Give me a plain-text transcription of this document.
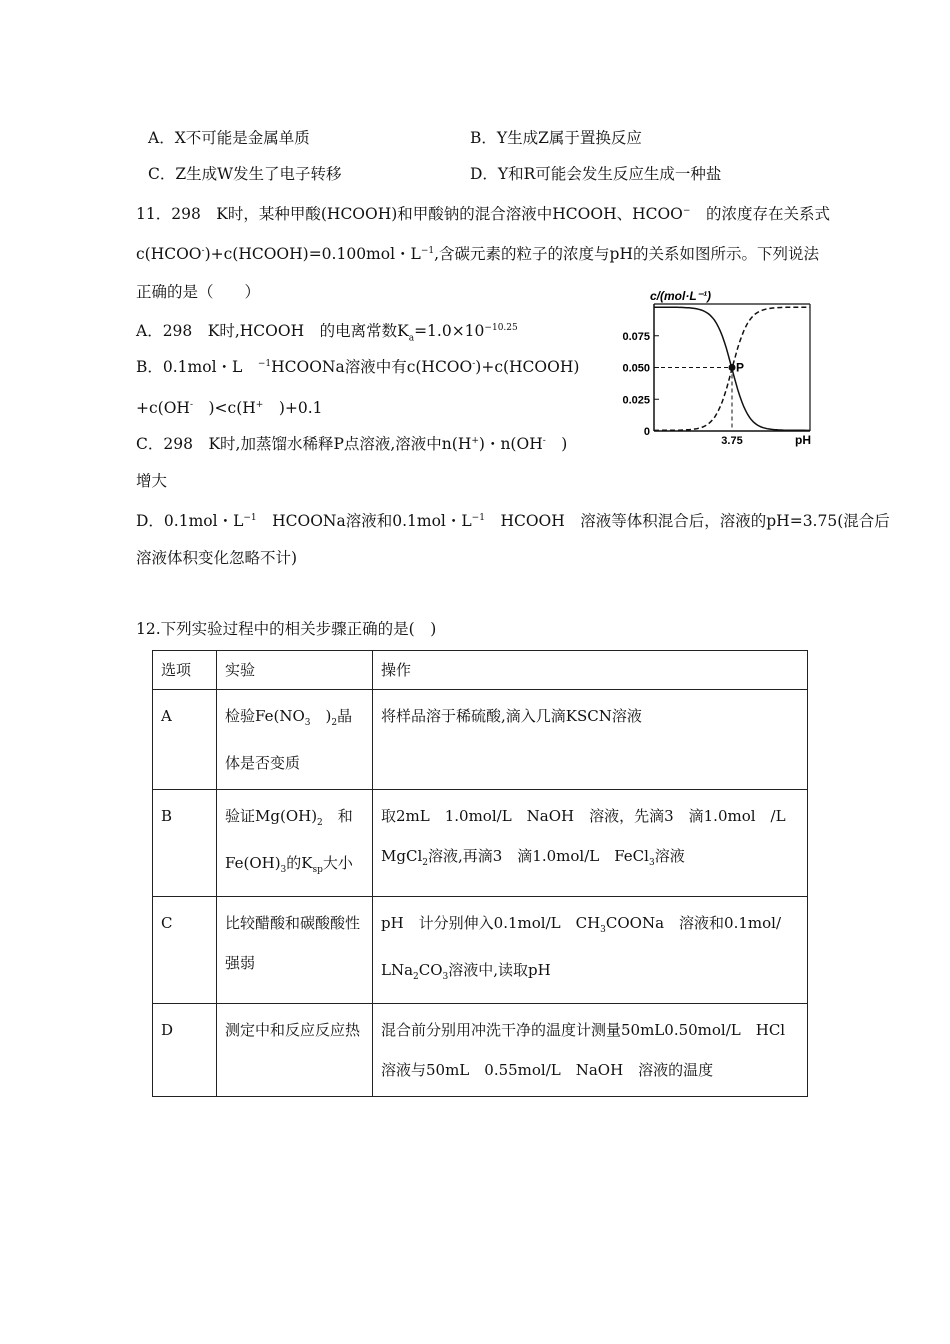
A．X不可能是金属单质	B．Y生成Z属于置换反应
C．Z生成W发生了电子转移	D．Y和R可能会发生反应生成一种盐
11．298　K时，某种甲酸(HCOOH)和甲酸钠的混合溶液中HCOOH、HCOO−　的浓度存在关系式
c(HCOO-)+c(HCOOH)=0.100mol・$L^{-1}$,含碳元素的粒子的浓度与pH的关系如图所示。下列说法
正确的是（　　）
A．298　K时,HCOOH　的电离常数$K_a=1.0\times 10^{-10.25}$
B．0.1mol・L　$^{-1}$HCOONa溶液中有c(HCOO-)+c(HCOOH)
+c(OH-　)<c(H+　)+0.1
C．298　K时,加蒸馏水稀释P点溶液,溶液中n(H+)・n(OH-　)
增大
D．0.1mol・$L^{-1}$　HCOONa溶液和0.1mol・$L^{-1}$　HCOOH　溶液等体积混合后，溶液的pH=3.75(混合后
溶液体积变化忽略不计)
c/(mol·L⁻¹)
0
0.025
0.050
0.075
3.75	pH
P
12.下列实验过程中的相关步骤正确的是(　)
选项	实验	操作
A	检验$Fe(NO_3$　)$_2$晶体是否变质	将样品溶于稀硫酸,滴入几滴KSCN溶液
B	验证$Mg(OH)_2$　和$Fe(OH)_3$的$K_{sp}$大小	取2mL　1.0mol/L　NaOH　溶液，先滴3　滴1.0mol　/L MgCl$_2$溶液,再滴3　滴1.0mol/L　FeCl$_3$溶液
C	比较醋酸和碳酸酸性强弱	pH　计分别伸入0.1mol/L　$CH_3COONa$　溶液和0.1mol/ $LNa_2CO_3$溶液中,读取pH
D	测定中和反应反应热	混合前分别用冲洗干净的温度计测量50mL0.50mol/L　HCl溶液与50mL　0.55mol/L　NaOH　溶液的温度
